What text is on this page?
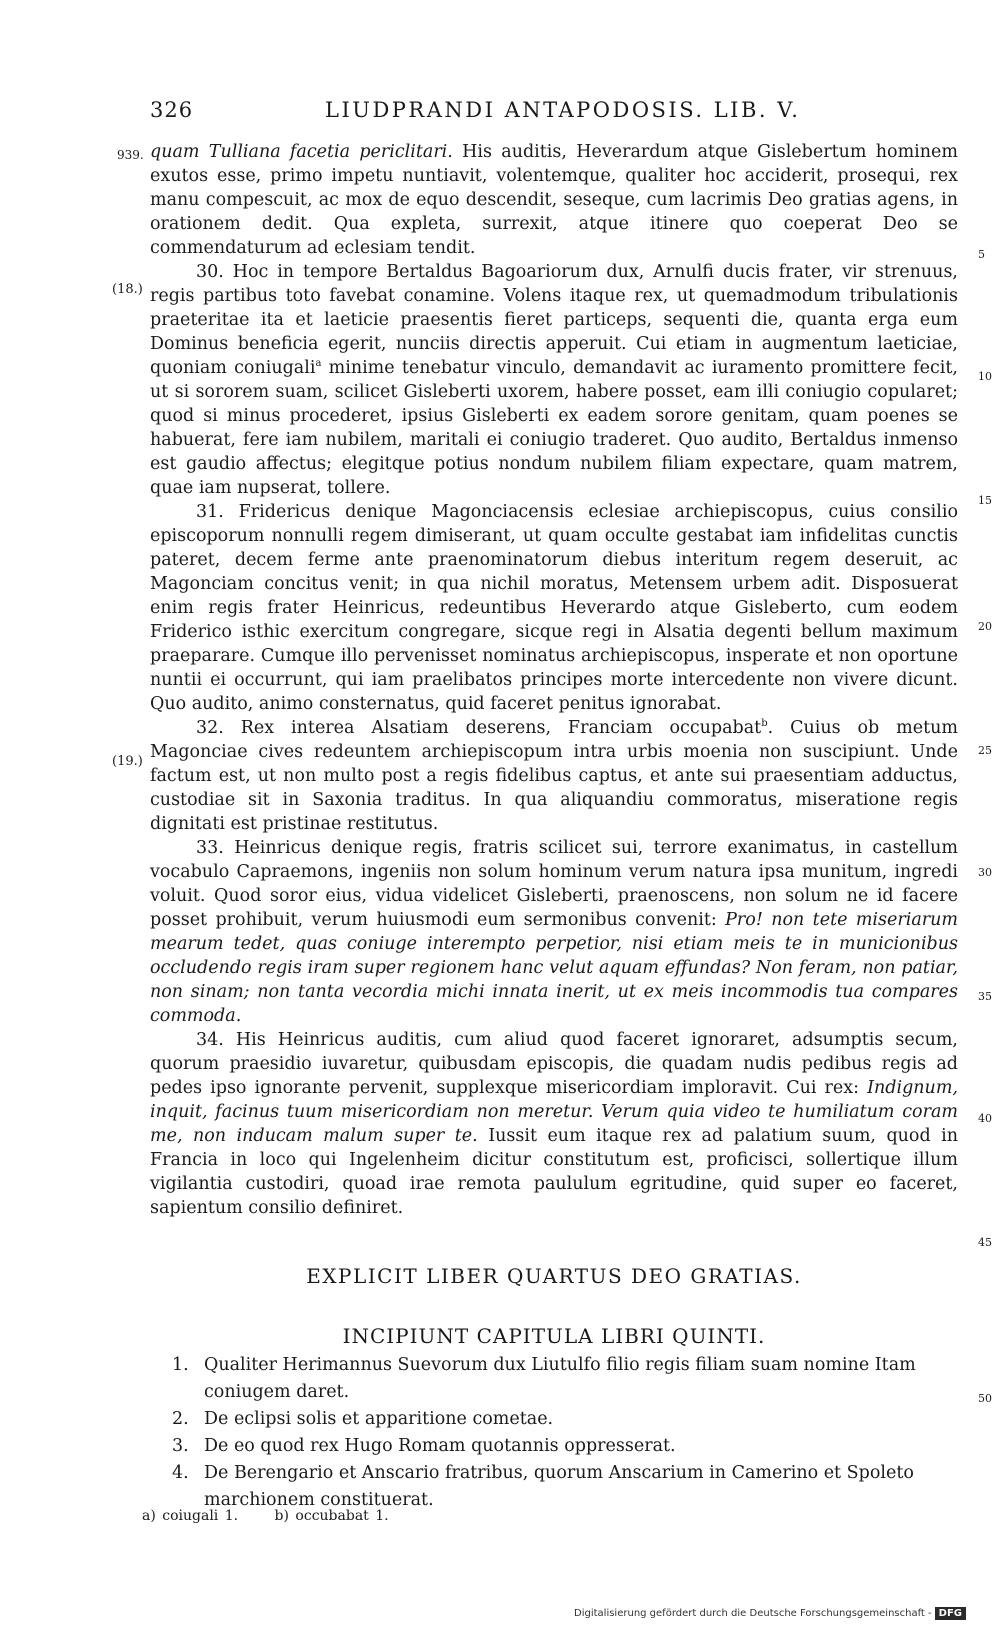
326	LIUDPRANDI ANTAPODOSIS. LIB. V.
939. quam Tulliana facetia periclitari. His auditis, Heverardum atque Gislebertum hominem exutos esse, primo impetu nuntiavit, volentemque, qualiter hoc acciderit, prosequi, rex manu compescuit, ac mox de equo descendit, seseque, cum lacrimis Deo gratias agens, in orationem dedit. Qua expleta, surrexit, atque itinere quo coeperat Deo se commendaturum ad eclesiam tendit.

30. Hoc in tempore Bertaldus Bagoariorum dux, Arnulfi ducis frater, vir strenuus, regis partibus toto favebat conamine. Volens itaque rex, ut quemadmodum tribulationis praeteritae ita et laeticie praesentis fieret particeps, sequenti die, quanta erga eum Dominus beneficia egerit, nunciis directis apperuit. Cui etiam in augmentum laeticiae, quoniam coniugali$^a$ minime tenebatur vinculo, demandavit ac iuramento promittere fecit, ut si sororem suam, scilicet Gisleberti uxorem, habere posset, eam illi coniugio copularet; quod si minus procederet, ipsius Gisleberti ex eadem sorore genitam, quam poenes se habuerat, fere iam nubilem, maritali ei coniugio traderet. Quo audito, Bertaldus inmenso est gaudio affectus; elegitque potius nondum nubilem filiam expectare, quam matrem, quae iam nupserat, tollere.

31. Fridericus denique Magonciacensis eclesiae archiepiscopus, cuius consilio episcoporum nonnulli regem dimiserant, ut quam occulte gestabat iam infidelitas cunctis pateret, decem ferme ante praenominatorum diebus interitum regem deseruit, ac Magonciam concitus venit; in qua nichil moratus, Metensem urbem adit. Disposuerat enim regis frater Heinricus, redeuntibus Heverardo atque Gisleberto, cum eodem Friderico isthic exercitum congregare, sicque regi in Alsatia degenti bellum maximum praeparare. Cumque illo pervenisset nominatus archiepiscopus, insperate et non oportune nuntii ei occurrunt, qui iam praelibatos principes morte intercedente non vivere dicunt. Quo audito, animo consternatus, quid faceret penitus ignorabat.

32. Rex interea Alsatiam deserens, Franciam occupabat$^b$. Cuius ob metum Magonciae cives redeuntem archiepiscopum intra urbis moenia non suscipiunt. Unde factum est, ut non multo post a regis fidelibus captus, et ante sui praesentiam adductus, custodiae sit in Saxonia traditus. In qua aliquandiu commoratus, miseratione regis dignitati est pristinae restitutus.

33. Heinricus denique regis, fratris scilicet sui, terrore exanimatus, in castellum vocabulo Capraemons, ingeniis non solum hominum verum natura ipsa munitum, ingredi voluit. Quod soror eius, vidua videlicet Gisleberti, praenoscens, non solum ne id facere posset prohibuit, verum huiusmodi eum sermonibus convenit: Pro! non tete miseriarum mearum tedet, quas coniuge interempto perpetior, nisi etiam meis te in municionibus occludendo regis iram super regionem hanc velut aquam effundas? Non feram, non patiar, non sinam; non tanta vecordia michi innata inerit, ut ex meis incommodis tua compares commoda.

34. His Heinricus auditis, cum aliud quod faceret ignoraret, adsumptis secum, quorum praesidio iuvaretur, quibusdam episcopis, die quadam nudis pedibus regis ad pedes ipso ignorante pervenit, supplexque misericordiam imploravit. Cui rex: Indignum, inquit, facinus tuum misericordiam non meretur. Verum quia video te humiliatum coram me, non inducam malum super te. Iussit eum itaque rex ad palatium suum, quod in Francia in loco qui Ingelenheim dicitur constitutum est, proficisci, sollertique illum vigilantia custodiri, quoad irae remota paululum egritudine, quid super eo faceret, sapientum consilio definiret.

(18.)
(19.)
5
10
15
20
25
30
35
40
45
50
EXPLICIT LIBER QUARTUS DEO GRATIAS.
INCIPIUNT CAPITULA LIBRI QUINTI.
1. Qualiter Herimannus Suevorum dux Liutulfo filio regis filiam suam nomine Itam coniugem daret.
2. De eclipsi solis et apparitione cometae.
3. De eo quod rex Hugo Romam quotannis oppresserat.
4. De Berengario et Anscario fratribus, quorum Anscarium in Camerino et Spoleto marchionem constituerat.
a) coiugali 1.	b) occubabat 1.
Digitalisierung gefördert durch die Deutsche Forschungsgemeinschaft - DFG
